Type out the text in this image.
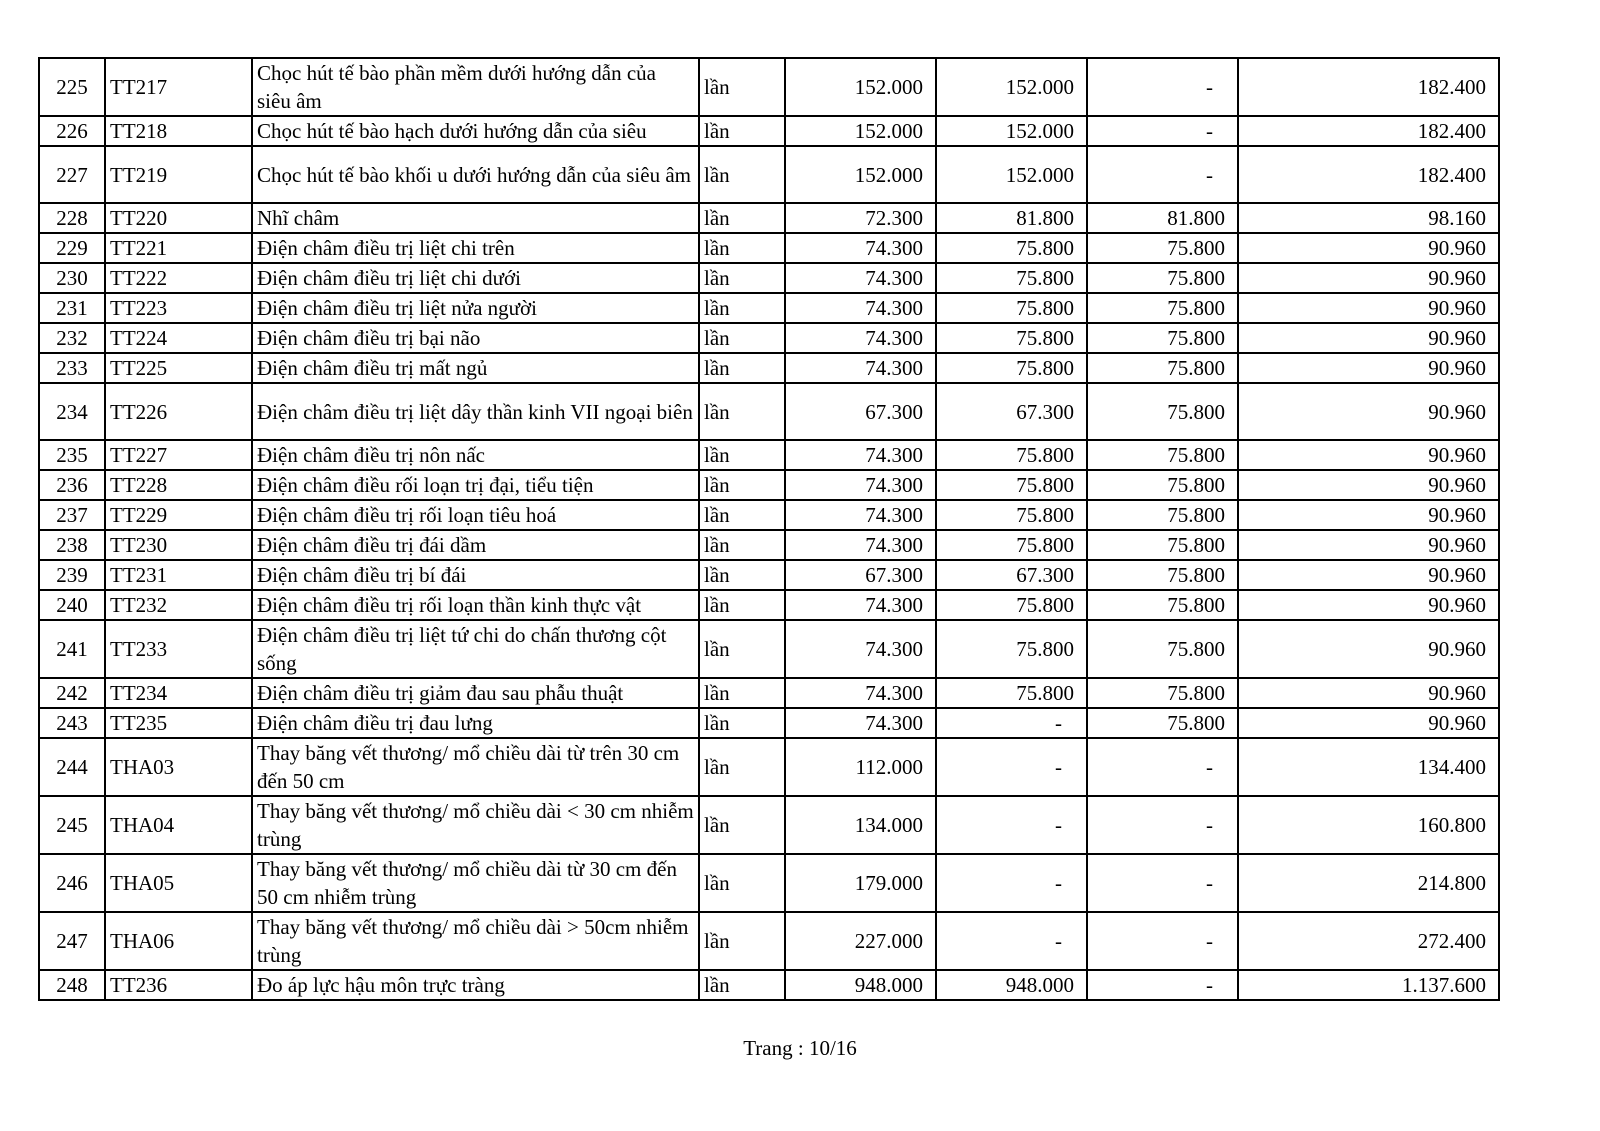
225	TT217	Chọc hút tế bào phần mềm dưới hướng dẫn của siêu âm	lần	152.000	152.000	-	182.400
226	TT218	Chọc hút tế bào hạch dưới hướng dẫn của siêu	lần	152.000	152.000	-	182.400
227	TT219	Chọc hút tế bào khối u dưới hướng dẫn của siêu âm	lần	152.000	152.000	-	182.400
228	TT220	Nhĩ châm	lần	72.300	81.800	81.800	98.160
229	TT221	Điện châm điều trị liệt chi trên	lần	74.300	75.800	75.800	90.960
230	TT222	Điện châm điều trị liệt chi dưới	lần	74.300	75.800	75.800	90.960
231	TT223	Điện châm điều trị liệt nửa người	lần	74.300	75.800	75.800	90.960
232	TT224	Điện châm điều trị bại não	lần	74.300	75.800	75.800	90.960
233	TT225	Điện châm điều trị mất ngủ	lần	74.300	75.800	75.800	90.960
234	TT226	Điện châm điều trị liệt dây thần kinh VII ngoại biên	lần	67.300	67.300	75.800	90.960
235	TT227	Điện châm điều trị nôn nấc	lần	74.300	75.800	75.800	90.960
236	TT228	Điện châm điều rối loạn trị đại, tiểu tiện	lần	74.300	75.800	75.800	90.960
237	TT229	Điện châm điều trị rối loạn tiêu hoá	lần	74.300	75.800	75.800	90.960
238	TT230	Điện châm điều trị đái dầm	lần	74.300	75.800	75.800	90.960
239	TT231	Điện châm điều trị bí đái	lần	67.300	67.300	75.800	90.960
240	TT232	Điện châm điều trị rối loạn thần kinh thực vật	lần	74.300	75.800	75.800	90.960
241	TT233	Điện châm điều trị liệt tứ chi do chấn thương cột sống	lần	74.300	75.800	75.800	90.960
242	TT234	Điện châm điều trị giảm đau sau phẫu thuật	lần	74.300	75.800	75.800	90.960
243	TT235	Điện châm điều trị đau lưng	lần	74.300	-	75.800	90.960
244	THA03	Thay băng vết thương/ mổ chiều dài từ trên 30 cm đến 50 cm	lần	112.000	-	-	134.400
245	THA04	Thay băng vết thương/ mổ chiều dài < 30 cm nhiễm trùng	lần	134.000	-	-	160.800
246	THA05	Thay băng vết thương/ mổ chiều dài từ 30 cm đến 50 cm nhiễm trùng	lần	179.000	-	-	214.800
247	THA06	Thay băng vết thương/ mổ chiều dài > 50cm nhiễm trùng	lần	227.000	-	-	272.400
248	TT236	Đo áp lực hậu môn trực tràng	lần	948.000	948.000	-	1.137.600
Trang : 10/16
